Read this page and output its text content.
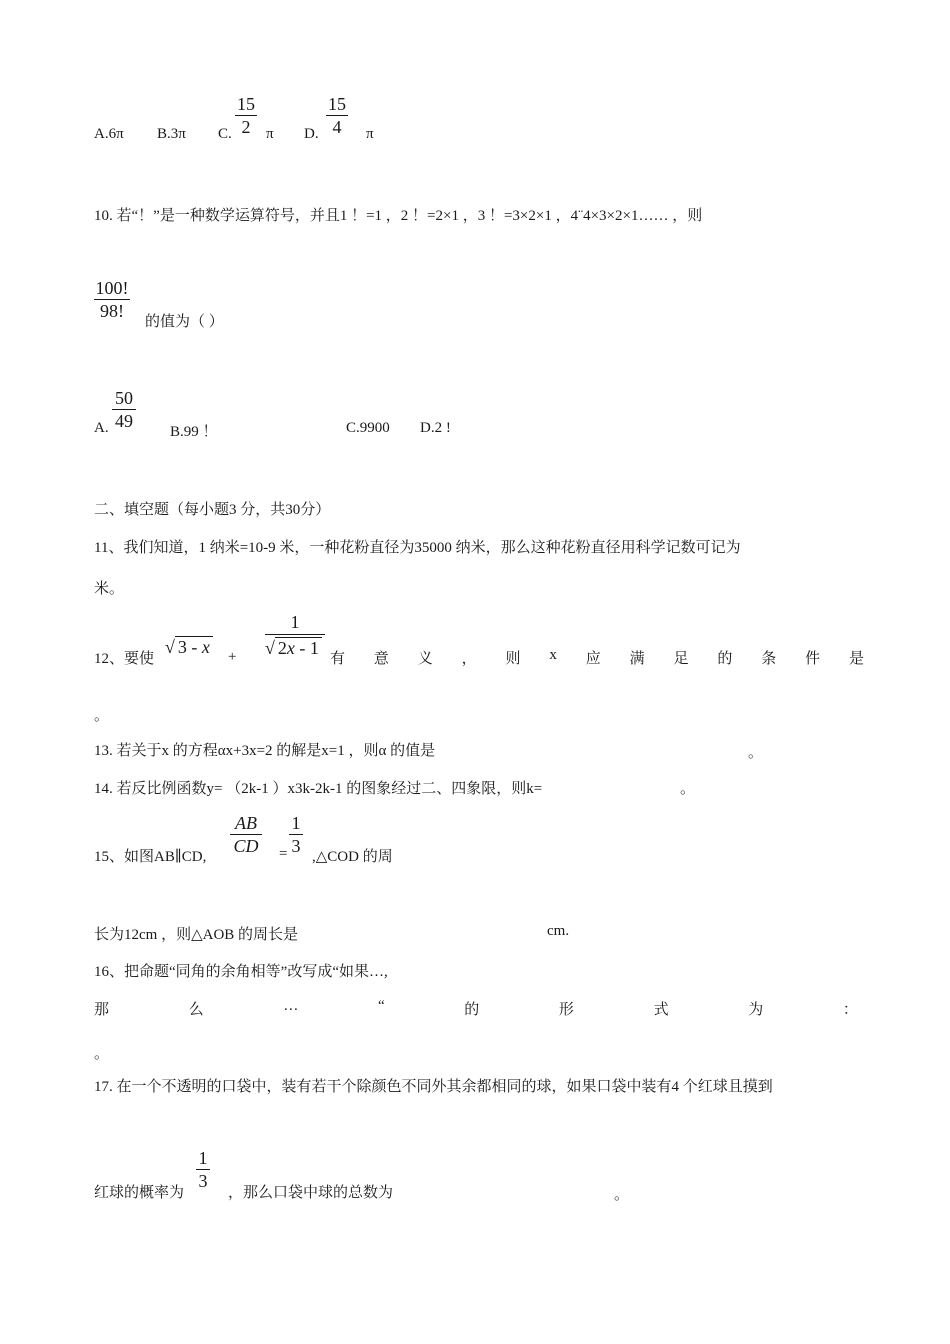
A.6π B.3π C. $\frac{15}{2}$ π D. $\frac{15}{4}$ π
10. 若“！”是一种数学运算符号，并且1 ！=1 ，2 ！=2×1 ，3 ！=3×2×1 ，4¨4×3×2×1…… ，则
$\frac{100!}{98!}$ 的值为（ ）
A. $\frac{50}{49} B.99$ ！	C.9900 D.2 !
二、填空题（每小题3 分，共30分）
11、我们知道，1 纳米=10-9 米，一种花粉直径为35000 纳米，那么这种花粉直径用科学记数可记为
米。
12、要使
√ 3 - x +
1
√ 2x - 1
有 意 义 ， 则 x 应 满 足 的 条 件 是
。
13. 若关于x 的方程αx+3x=2 的解是x=1 ，则α 的值是	。
14. 若反比例函数y= （2k-1 ）x3k-2k-1 的图象经过二、四象限，则k=	。
15、如图AB∥CD, $\frac{AB}{CD} = \frac{1}{3}$ ,△COD 的周
长为12cm ，则△AOB 的周长是	cm.
16、把命题“同角的余角相等”改写成“如果…,
那	么	…	“	的	形	式	为	：
。
17. 在一个不透明的口袋中，装有若干个除颜色不同外其余都相同的球，如果口袋中装有4 个红球且摸到
红球的概率为
$\frac{1}{3}$
，那么口袋中球的总数为	。
